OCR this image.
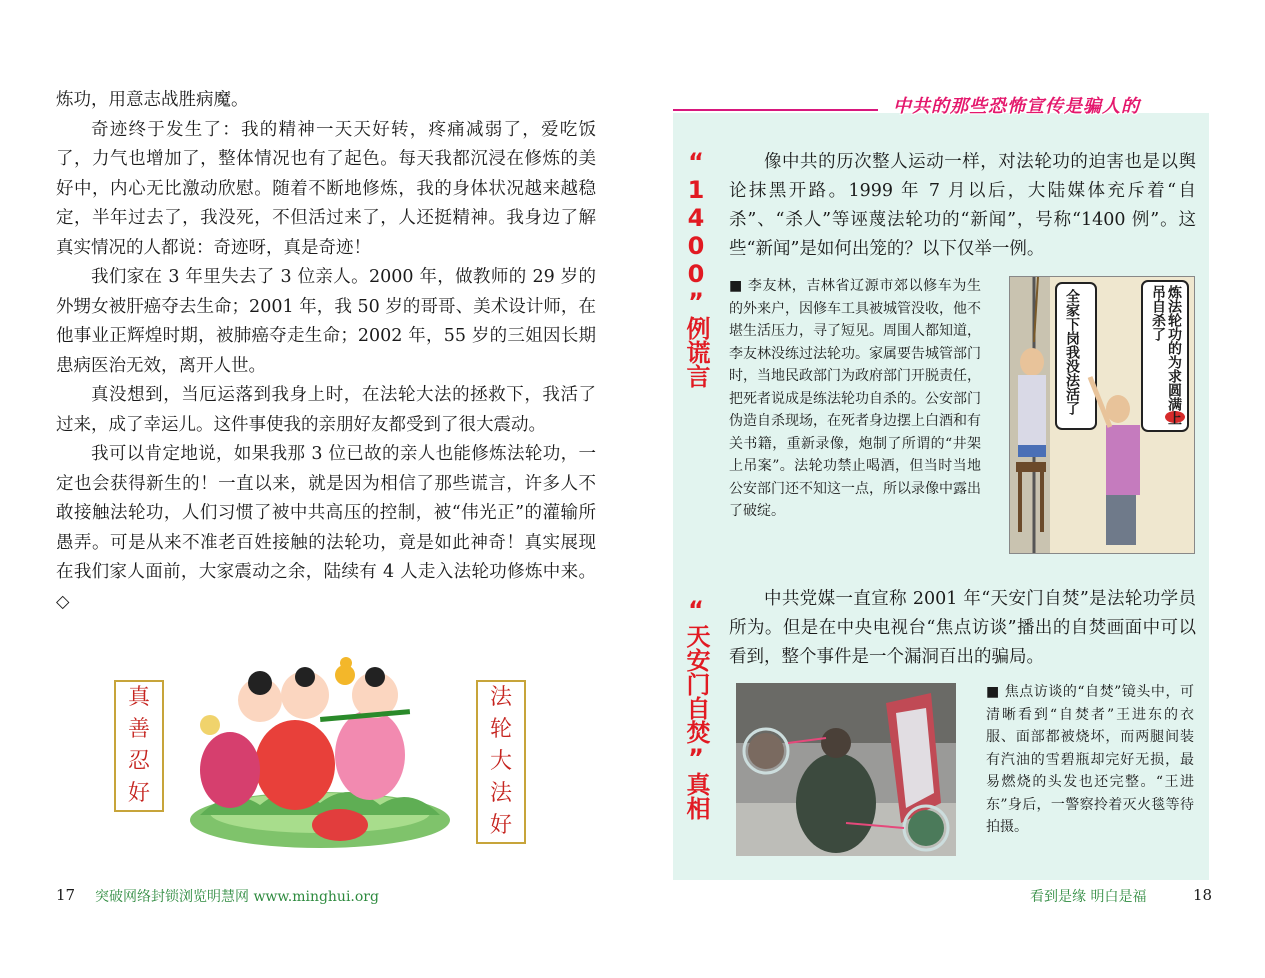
炼功，用意志战胜病魔。

奇迹终于发生了：我的精神一天天好转，疼痛减弱了，爱吃饭了，力气也增加了，整体情况也有了起色。每天我都沉浸在修炼的美好中，内心无比激动欣慰。随着不断地修炼，我的身体状况越来越稳定，半年过去了，我没死，不但活过来了，人还挺精神。我身边了解真实情况的人都说：奇迹呀，真是奇迹！

我们家在 3 年里失去了 3 位亲人。2000 年，做教师的 29 岁的外甥女被肝癌夺去生命；2001 年，我 50 岁的哥哥、美术设计师，在他事业正辉煌时期，被肺癌夺走生命；2002 年，55 岁的三姐因长期患病医治无效，离开人世。

真没想到，当厄运落到我身上时，在法轮大法的拯救下，我活了过来，成了幸运儿。这件事使我的亲朋好友都受到了很大震动。

我可以肯定地说，如果我那 3 位已故的亲人也能修炼法轮功，一定也会获得新生的！一直以来，就是因为相信了那些谎言，许多人不敢接触法轮功，人们习惯了被中共高压的控制，被“伟光正”的灌输所愚弄。可是从来不准老百姓接触的法轮功，竟是如此神奇！真实展现在我们家人面前，大家震动之余，陆续有 4 人走入法轮功修炼中来。◇

真
善
忍
好
法
轮
大
法
好
17 突破网络封锁浏览明慧网 www.minghui.org
中共的那些恐怖宣传是骗人的
“1400”例谎言	像中共的历次整人运动一样，对法轮功的迫害也是以舆论抹黑开路。1999 年 7 月以后，大陆媒体充斥着“自杀”、“杀人”等诬蔑法轮功的“新闻”，号称“1400 例”。这些“新闻”是如何出笼的？以下仅举一例。

■ 李友林，吉林省辽源市郊以修车为生的外来户，因修车工具被城管没收，他不堪生活压力，寻了短见。周围人都知道，李友林没练过法轮功。家属要告城管部门时，当地民政部门为政府部门开脱责任，把死者说成是练法轮功自杀的。公安部门伪造自杀现场，在死者身边摆上白酒和有关书籍，重新录像，炮制了所谓的“井架上吊案”。法轮功禁止喝酒，但当时当地公安部门还不知这一点，所以录像中露出了破绽。
全家下岗我没法活了	炼法轮功的为求圆满上吊自杀了
“天安门自焚”真相	中共党媒一直宣称 2001 年“天安门自焚”是法轮功学员所为。但是在中央电视台“焦点访谈”播出的自焚画面中可以看到，整个事件是一个漏洞百出的骗局。

■ 焦点访谈的“自焚”镜头中，可清晰看到“自焚者”王进东的衣服、面部都被烧坏，而两腿间装有汽油的雪碧瓶却完好无损，最易燃烧的头发也还完整。“王进东”身后，一警察拎着灭火毯等待拍摄。
看到是缘 明白是福	18
